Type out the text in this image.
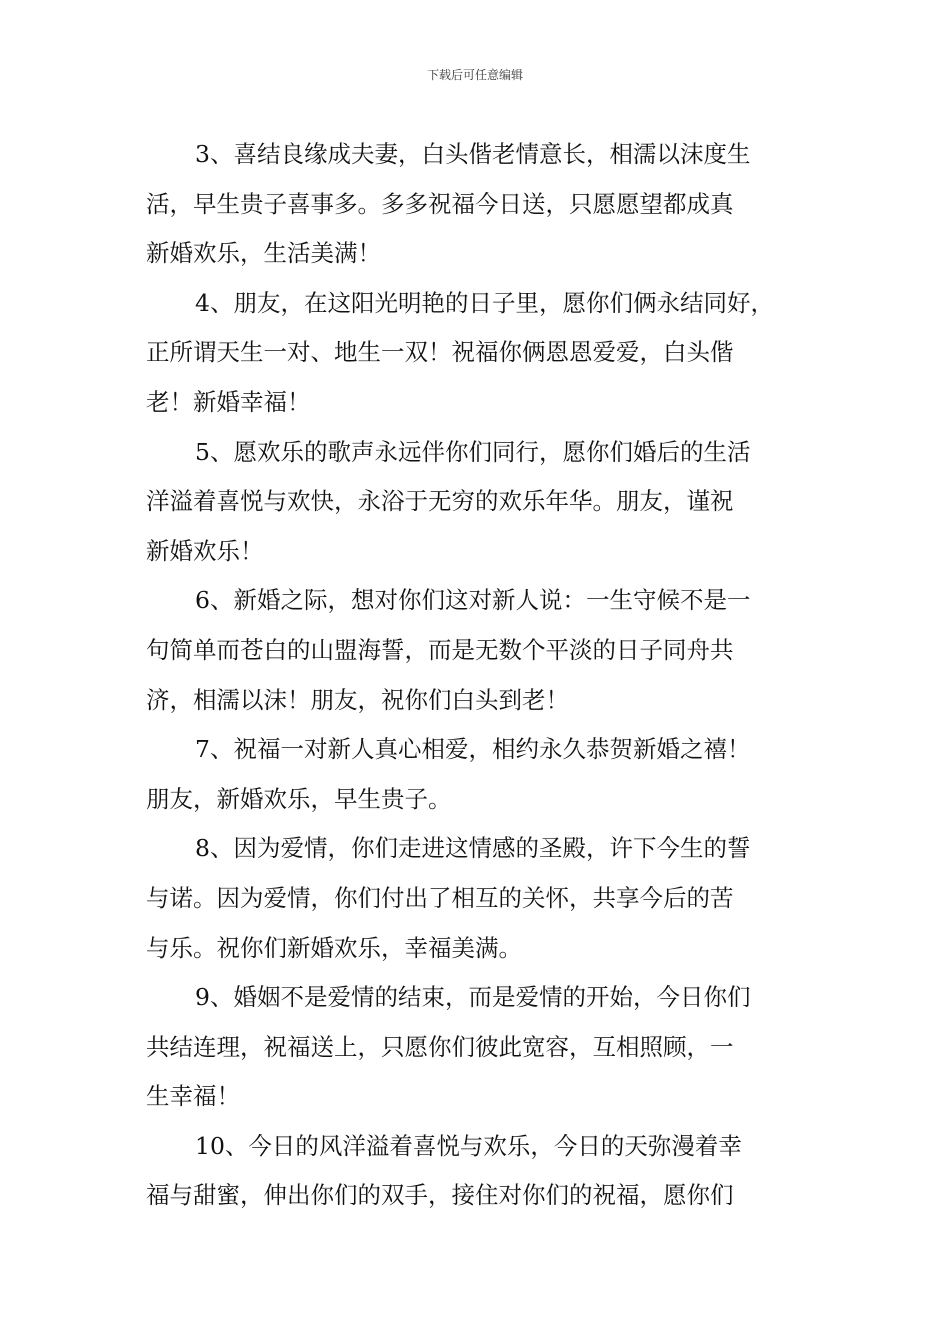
下载后可任意编辑
3、喜结良缘成夫妻，白头偕老情意长，相濡以沫度生
活，早生贵子喜事多。多多祝福今日送，只愿愿望都成真
新婚欢乐，生活美满！
4、朋友，在这阳光明艳的日子里，愿你们俩永结同好，
正所谓天生一对、地生一双！祝福你俩恩恩爱爱，白头偕
老！新婚幸福！
5、愿欢乐的歌声永远伴你们同行，愿你们婚后的生活
洋溢着喜悦与欢快，永浴于无穷的欢乐年华。朋友，谨祝
新婚欢乐！
6、新婚之际，想对你们这对新人说：一生守候不是一
句简单而苍白的山盟海誓，而是无数个平淡的日子同舟共
济，相濡以沫！朋友，祝你们白头到老！
7、祝福一对新人真心相爱，相约永久恭贺新婚之禧！
朋友，新婚欢乐，早生贵子。
8、因为爱情，你们走进这情感的圣殿，许下今生的誓
与诺。因为爱情，你们付出了相互的关怀，共享今后的苦
与乐。祝你们新婚欢乐，幸福美满。
9、婚姻不是爱情的结束，而是爱情的开始，今日你们
共结连理，祝福送上，只愿你们彼此宽容，互相照顾，一
生幸福！
10、今日的风洋溢着喜悦与欢乐，今日的天弥漫着幸
福与甜蜜，伸出你们的双手，接住对你们的祝福，愿你们
